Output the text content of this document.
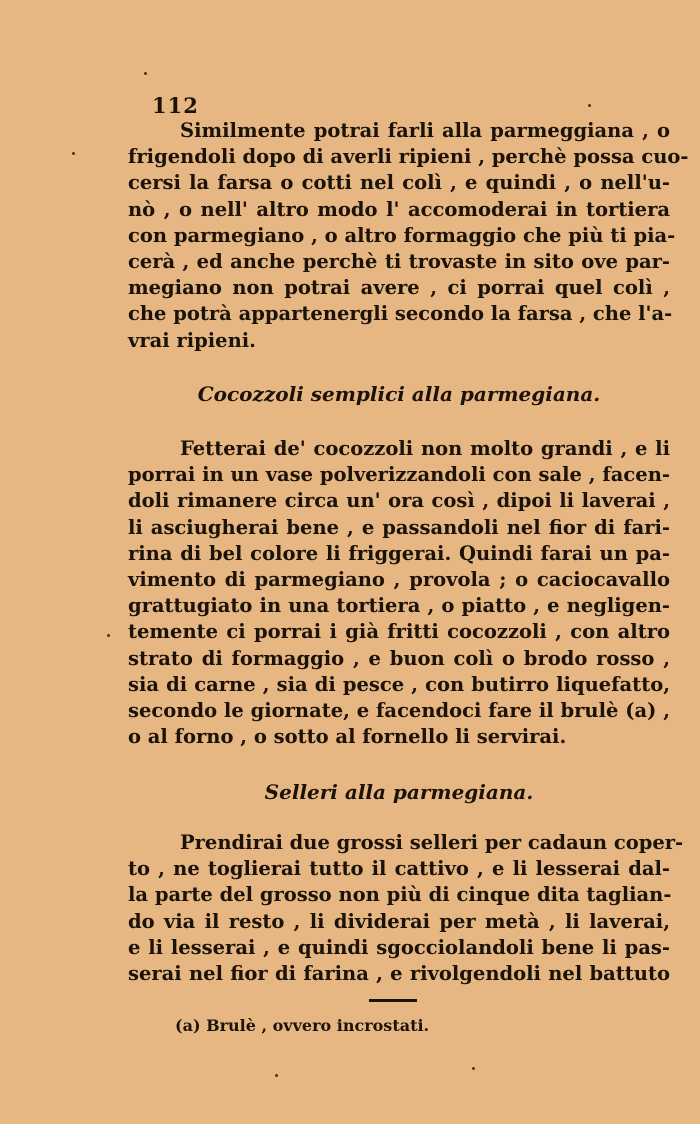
112
Similmente potrai farli alla parmeggiana , o
frigendoli dopo di averli ripieni , perchè possa cuo-
cersi la farsa o cotti nel colì , e quindi , o nell'u-
nò , o nell' altro modo l' accomoderai in tortiera
con parmegiano , o altro formaggio che più ti pia-
cerà , ed anche perchè ti trovaste in sito ove par-
megiano non potrai avere , ci porrai quel colì ,
che potrà appartenergli secondo la farsa , che l'a-
vrai ripieni.
Cocozzoli semplici alla parmegiana.
Fetterai de' cocozzoli non molto grandi , e li
porrai in un vase polverizzandoli con sale , facen-
doli rimanere circa un' ora così , dipoi li laverai ,
li asciugherai bene , e passandoli nel fior di fari-
rina di bel colore li friggerai. Quindi farai un pa-
vimento di parmegiano , provola ; o caciocavallo
grattugiato in una tortiera , o piatto , e negligen-
temente ci porrai i già fritti cocozzoli , con altro
strato di formaggio , e buon colì o brodo rosso ,
sia di carne , sia di pesce , con butirro liquefatto,
secondo le giornate, e facendoci fare il brulè (a) ,
o al forno , o sotto al fornello li servirai.
Selleri alla parmegiana.
Prendirai due grossi selleri per cadaun coper-
to , ne toglierai tutto il cattivo , e li lesserai dal-
la parte del grosso non più di cinque dita taglian-
do via il resto , li dividerai per metà , li laverai,
e li lesserai , e quindi sgocciolandoli bene li pas-
serai nel fior di farina , e rivolgendoli nel battuto
(a) Brulè , ovvero incrostati.
